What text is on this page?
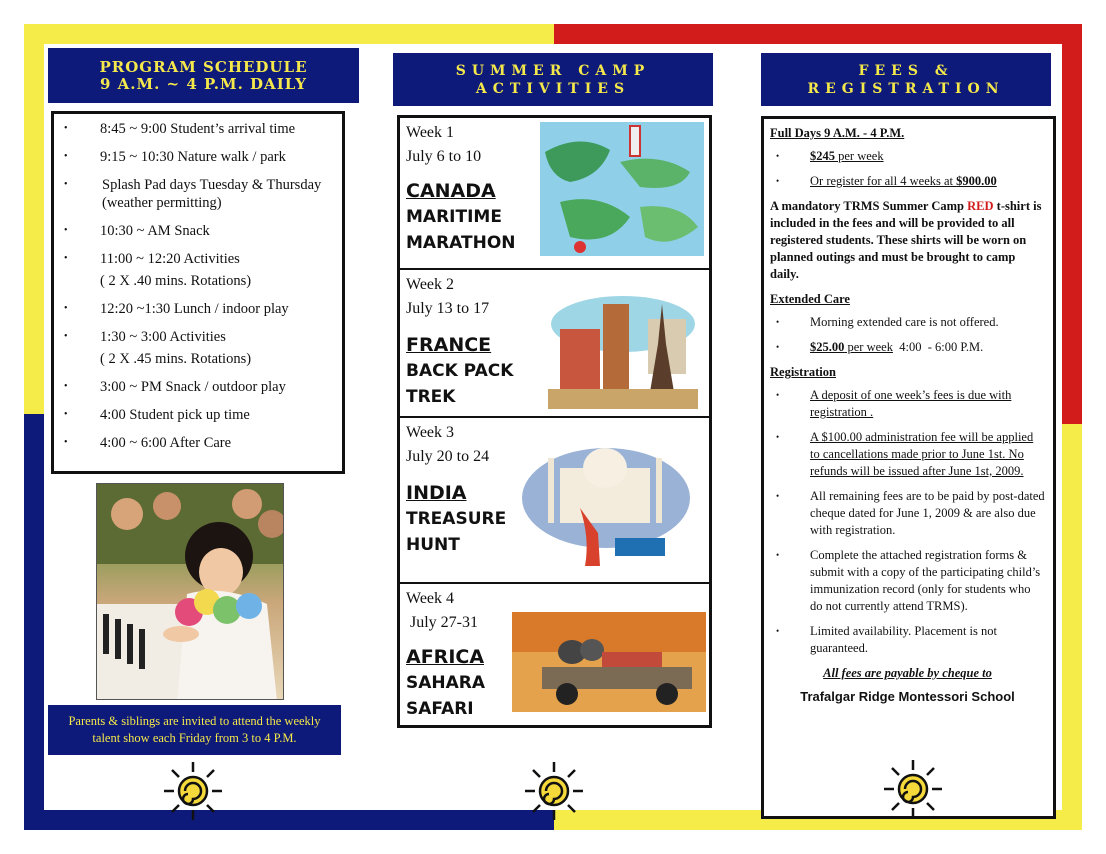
PROGRAM SCHEDULE
9 A.M. ~ 4 P.M. DAILY
•	8:45 ~ 9:00 Student’s arrival time
•	9:15 ~ 10:30 Nature walk / park
•	Splash Pad days Tuesday & Thursday (weather permitting)
•	10:30 ~ AM Snack
•	11:00 ~ 12:20 Activities
( 2 X .40 mins. Rotations)
•	12:20 ~1:30 Lunch / indoor play
•	1:30 ~ 3:00 Activities
( 2 X .45 mins. Rotations)
•	3:00 ~ PM Snack / outdoor play
•	4:00 Student pick up time
•	4:00 ~ 6:00 After Care
Parents & siblings are invited to attend the weekly talent show each Friday from 3 to 4 P.M.
SUMMER CAMP
ACTIVITIES
Week 1
July 6 to 10
CANADA
MARITIME
MARATHON
Week 2
July 13 to 17
FRANCE
BACK PACK
TREK
Week 3
July 20 to 24
INDIA
TREASURE
HUNT
Week 4
July 27-31
AFRICA
SAHARA
SAFARI
FEES &
REGISTRATION
Full Days 9 A.M. - 4 P.M.
•	$245 per week
•	Or register for all 4 weeks at $900.00
A mandatory TRMS Summer Camp RED t-shirt is included in the fees and will be provided to all registered students. These shirts will be worn on planned outings and must be brought to camp daily.
Extended Care
•	Morning extended care is not offered.
•	$25.00 per week  4:00  - 6:00 P.M.
Registration
•	A deposit of one week’s fees is due with registration .
•	A $100.00 administration fee will be applied to cancellations made prior to June 1st. No refunds will be issued after June 1st, 2009.
•	All remaining fees are to be paid by post-dated cheque dated for June 1, 2009 & are also due with registration.
•	Complete the attached registration forms & submit with a copy of the participating child’s immunization record (only for students who do not currently attend TRMS).
•	Limited availability. Placement is not guaranteed.
All fees are payable by cheque to
Trafalgar Ridge Montessori School
